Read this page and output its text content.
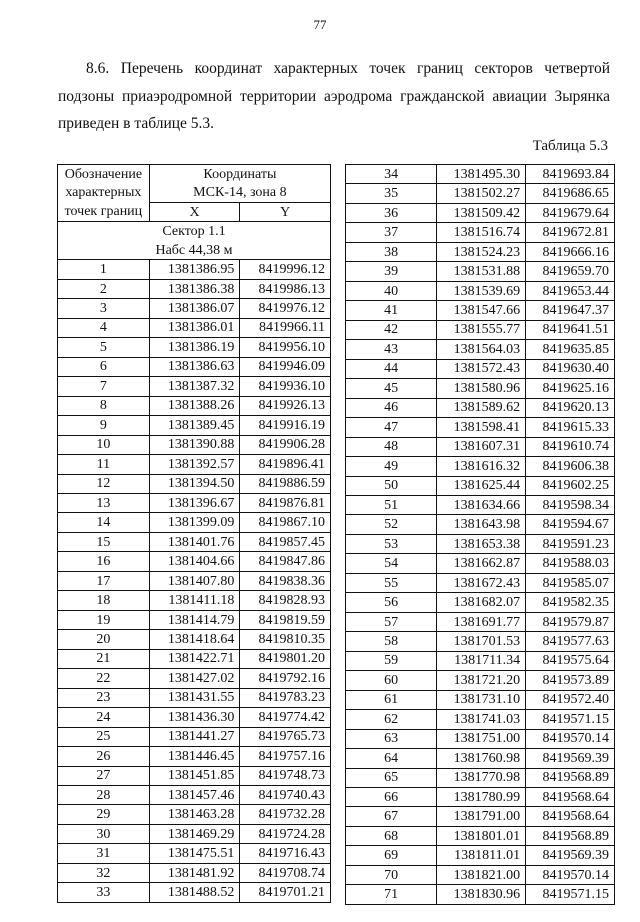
77

8.6. Перечень координат характерных точек границ секторов четвертой подзоны приаэродромной территории аэродрома гражданской авиации Зырянка приведен в таблице 5.3.

Таблица 5.3
Обозначение	Координаты	
характерных	МСК-14, зона 8	
точек границ	X	Y
Сектор 1.1		
Набс 44,38 м		
1	1381386.95	8419996.12
2	1381386.38	8419986.13
3	1381386.07	8419976.12
4	1381386.01	8419966.11
5	1381386.19	8419956.10
6	1381386.63	8419946.09
7	1381387.32	8419936.10
8	1381388.26	8419926.13
9	1381389.45	8419916.19
10	1381390.88	8419906.28
11	1381392.57	8419896.41
12	1381394.50	8419886.59
13	1381396.67	8419876.81
14	1381399.09	8419867.10
15	1381401.76	8419857.45
16	1381404.66	8419847.86
17	1381407.80	8419838.36
18	1381411.18	8419828.93
19	1381414.79	8419819.59
20	1381418.64	8419810.35
21	1381422.71	8419801.20
22	1381427.02	8419792.16
23	1381431.55	8419783.23
24	1381436.30	8419774.42
25	1381441.27	8419765.73
26	1381446.45	8419757.16
27	1381451.85	8419748.73
28	1381457.46	8419740.43
29	1381463.28	8419732.28
30	1381469.29	8419724.28
31	1381475.51	8419716.43
32	1381481.92	8419708.74
33	1381488.52	8419701.21
34	1381495.30	8419693.84
35	1381502.27	8419686.65
36	1381509.42	8419679.64
37	1381516.74	8419672.81
38	1381524.23	8419666.16
39	1381531.88	8419659.70
40	1381539.69	8419653.44
41	1381547.66	8419647.37
42	1381555.77	8419641.51
43	1381564.03	8419635.85
44	1381572.43	8419630.40
45	1381580.96	8419625.16
46	1381589.62	8419620.13
47	1381598.41	8419615.33
48	1381607.31	8419610.74
49	1381616.32	8419606.38
50	1381625.44	8419602.25
51	1381634.66	8419598.34
52	1381643.98	8419594.67
53	1381653.38	8419591.23
54	1381662.87	8419588.03
55	1381672.43	8419585.07
56	1381682.07	8419582.35
57	1381691.77	8419579.87
58	1381701.53	8419577.63
59	1381711.34	8419575.64
60	1381721.20	8419573.89
61	1381731.10	8419572.40
62	1381741.03	8419571.15
63	1381751.00	8419570.14
64	1381760.98	8419569.39
65	1381770.98	8419568.89
66	1381780.99	8419568.64
67	1381791.00	8419568.64
68	1381801.01	8419568.89
69	1381811.01	8419569.39
70	1381821.00	8419570.14
71	1381830.96	8419571.15
